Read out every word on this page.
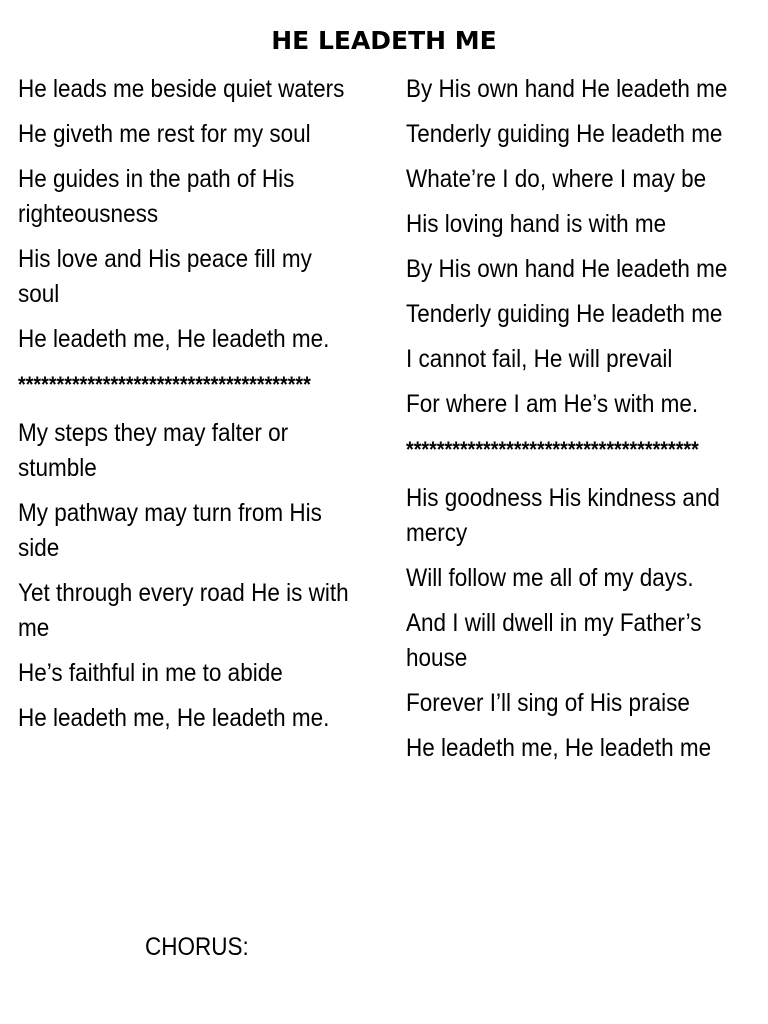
HE LEADETH ME
He leads me beside quiet waters
He giveth me rest for my soul
He guides in the path of His righteousness
His love and His peace fill my soul
He leadeth me, He leadeth me.
**************************************
My steps they may falter or stumble
My pathway may turn from His side
Yet through every road He is with me
He’s faithful in me to abide
He leadeth me, He leadeth me.
CHORUS:
By His own hand He leadeth me
Tenderly guiding He leadeth me
Whate’re I do, where I may be
His loving hand is with me
By His own hand He leadeth me
Tenderly guiding He leadeth me
I cannot fail, He will prevail
For where I am He’s with me.
**************************************
His goodness His kindness and mercy
Will follow me all of my days.
And I will dwell in my Father’s house
Forever I’ll sing of His praise
He leadeth me, He leadeth me
